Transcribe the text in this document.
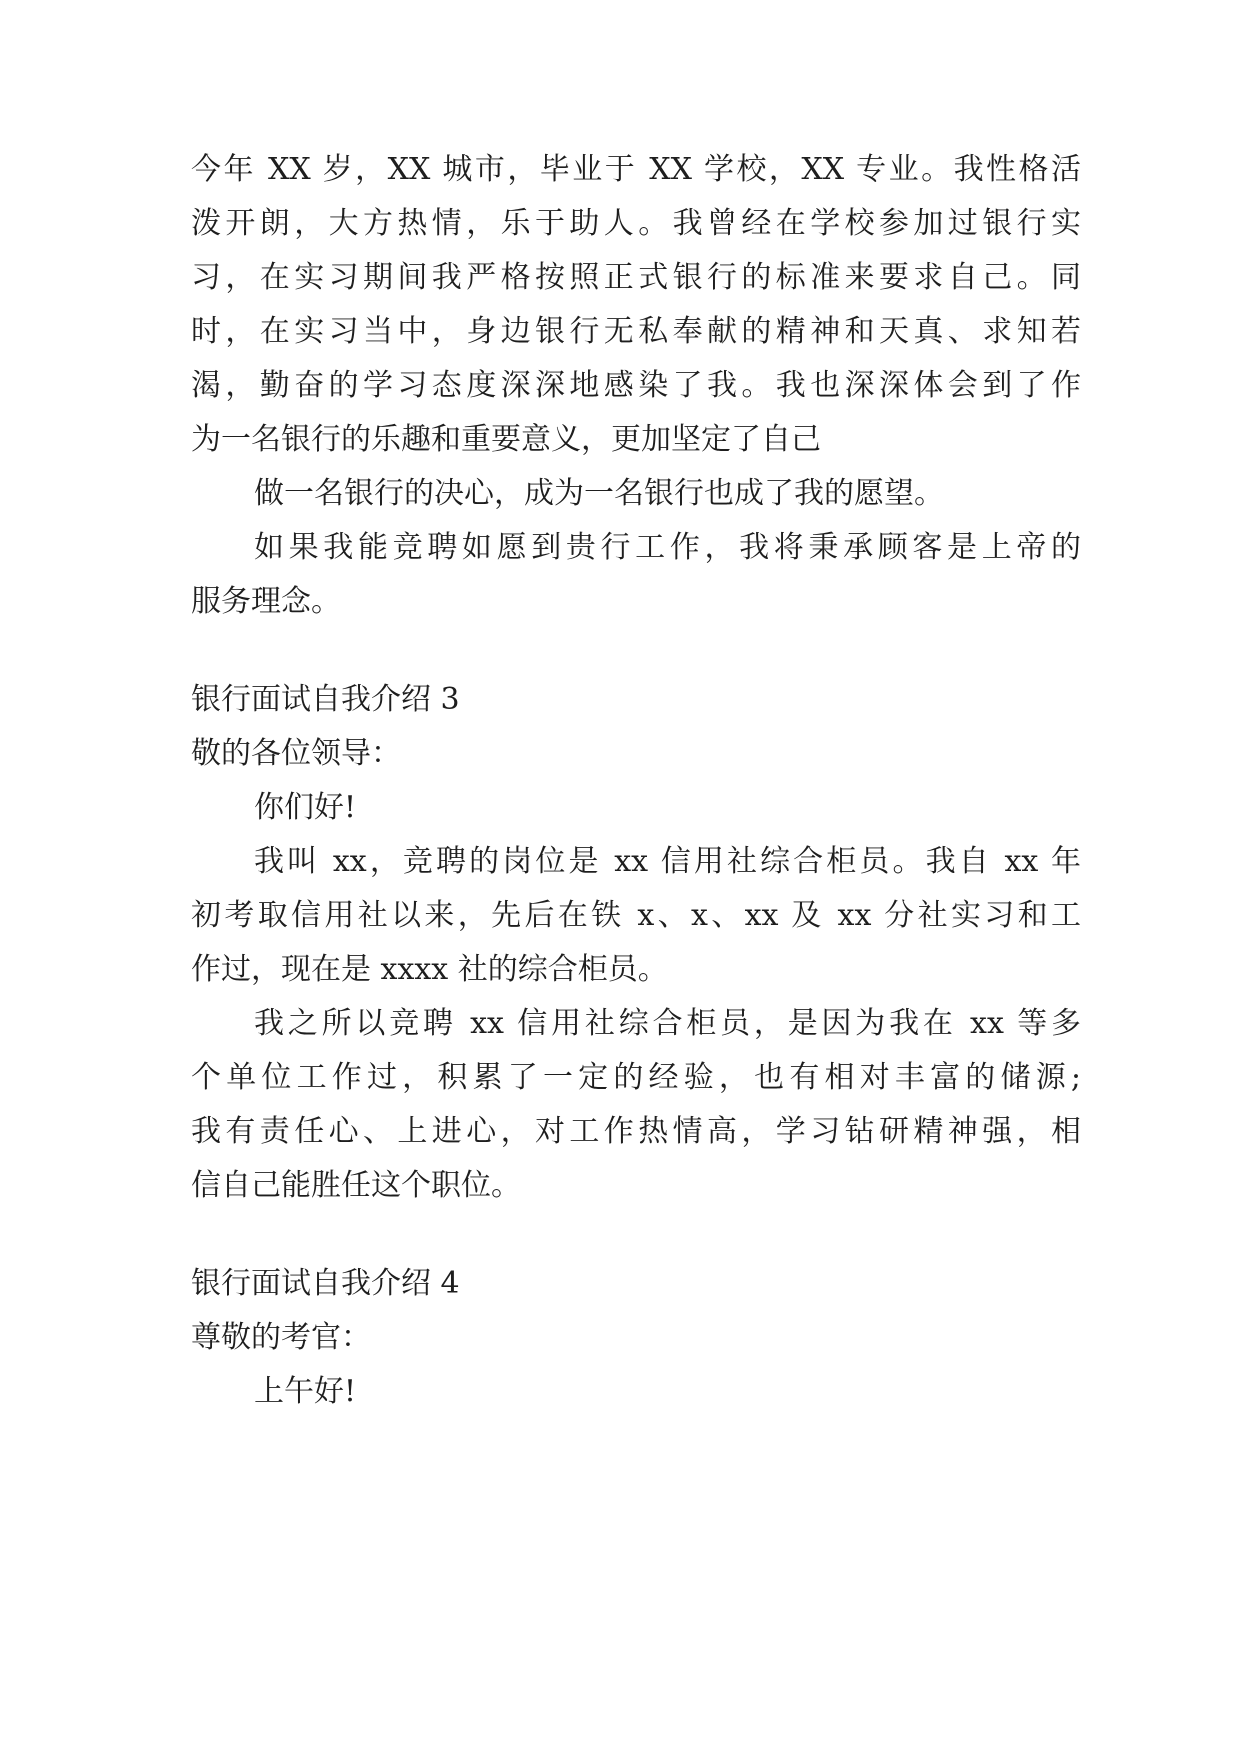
今年 XX 岁，XX 城市，毕业于 XX 学校，XX 专业。我性格活
泼开朗，大方热情，乐于助人。我曾经在学校参加过银行实
习，在实习期间我严格按照正式银行的标准来要求自己。同
时，在实习当中，身边银行无私奉献的精神和天真、求知若
渴，勤奋的学习态度深深地感染了我。我也深深体会到了作
为一名银行的乐趣和重要意义，更加坚定了自己
做一名银行的决心，成为一名银行也成了我的愿望。
如果我能竞聘如愿到贵行工作，我将秉承顾客是上帝的
服务理念。
银行面试自我介绍 3
敬的各位领导：
你们好!
我叫 xx，竞聘的岗位是 xx 信用社综合柜员。我自 xx 年
初考取信用社以来，先后在铁 x、x、xx 及 xx 分社实习和工
作过，现在是 xxxx 社的综合柜员。
我之所以竞聘 xx 信用社综合柜员，是因为我在 xx 等多
个单位工作过，积累了一定的经验，也有相对丰富的储源;
我有责任心、上进心，对工作热情高，学习钻研精神强，相
信自己能胜任这个职位。
银行面试自我介绍 4
尊敬的考官：
上午好!
